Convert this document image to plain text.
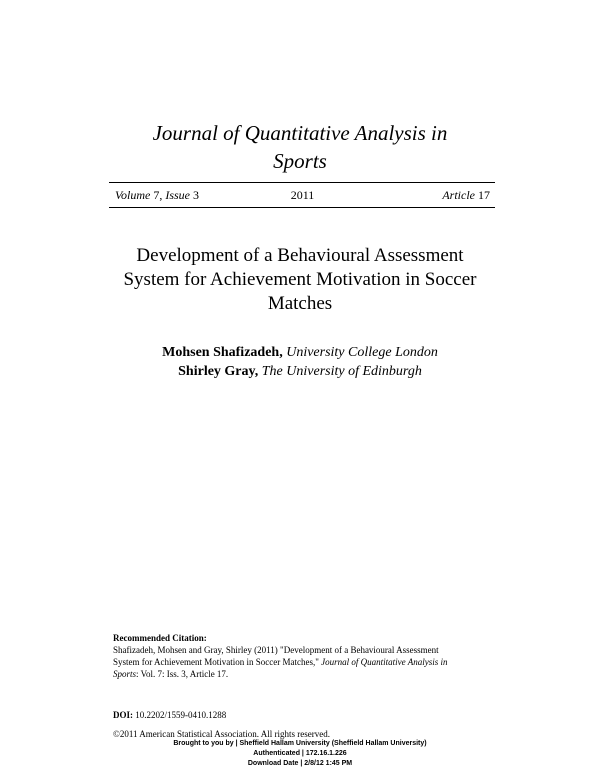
Journal of Quantitative Analysis in
Sports
Volume 7, Issue 3	2011	Article 17
Development of a Behavioural Assessment
System for Achievement Motivation in Soccer
Matches
Mohsen Shafizadeh, University College London
Shirley Gray, The University of Edinburgh
Recommended Citation:
Shafizadeh, Mohsen and Gray, Shirley (2011) "Development of a Behavioural Assessment
System for Achievement Motivation in Soccer Matches," Journal of Quantitative Analysis in
Sports: Vol. 7: Iss. 3, Article 17.
DOI: 10.2202/1559-0410.1288
©2011 American Statistical Association. All rights reserved.
Brought to you by | Sheffield Hallam University (Sheffield Hallam University)
Authenticated | 172.16.1.226
Download Date | 2/8/12 1:45 PM
